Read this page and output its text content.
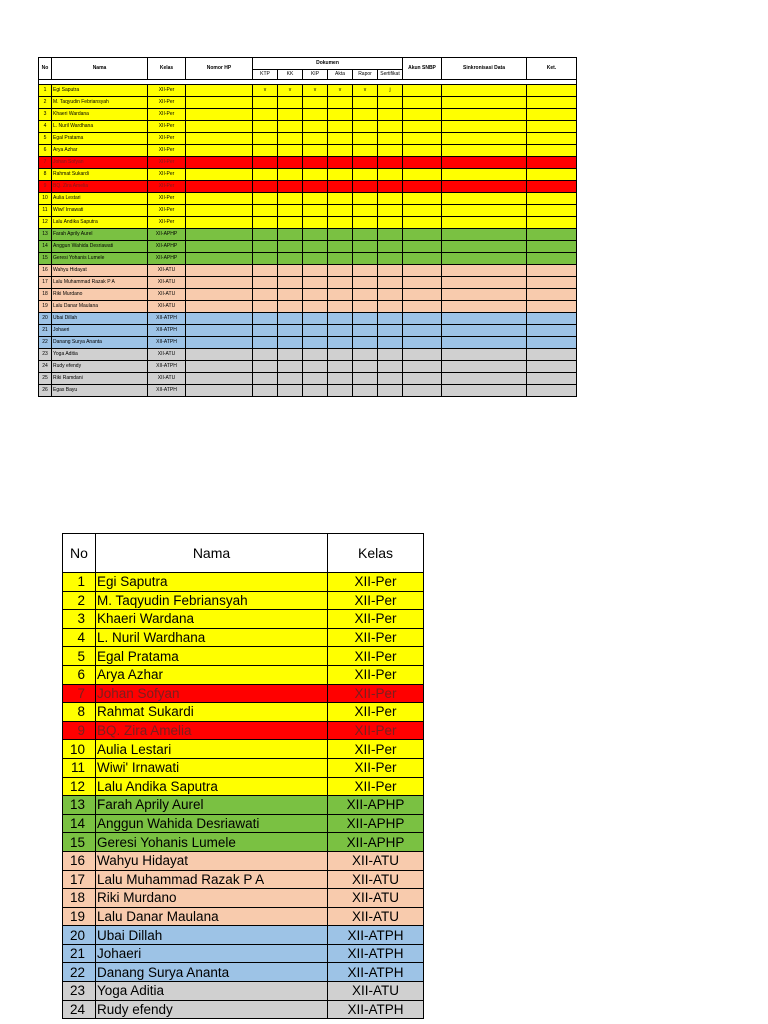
No	Nama	Kelas	Nomor HP	Dokumen						Akun SNBP	Sinkronisasi Data	Ket.
				KTP	KK	KIP	Akta	Rapor	Sertifikat			

1	Egi Saputra	XII-Per		v	v	v	v	v	j			
2	M. Taqyudin Febriansyah	XII-Per										
3	Khaeri Wardana	XII-Per										
4	L. Nuril Wardhana	XII-Per										
5	Egal Pratama	XII-Per										
6	Arya Azhar	XII-Per										
7	Johan Sofyan	XII-Per										
8	Rahmat Sukardi	XII-Per										
9	BQ. Zira Amelia	XII-Per										
10	Aulia Lestari	XII-Per										
11	Wiwi' Irnawati	XII-Per										
12	Lalu Andika Saputra	XII-Per										
13	Farah Aprily Aurel	XII-APHP										
14	Anggun Wahida Desriawati	XII-APHP										
15	Geresi Yohanis Lumele	XII-APHP										
16	Wahyu Hidayat	XII-ATU										
17	Lalu Muhammad Razak P A	XII-ATU										
18	Riki Murdano	XII-ATU										
19	Lalu Danar Maulana	XII-ATU										
20	Ubai Dillah	XII-ATPH										
21	Johaeri	XII-ATPH										
22	Danang Surya Ananta	XII-ATPH										
23	Yoga Aditia	XII-ATU										
24	Rudy efendy	XII-ATPH										
25	Riki Ramdani	XII-ATU										
26	Egas Bayu	XII-ATPH										
No	Nama	Kelas
1	Egi Saputra	XII-Per
2	M. Taqyudin Febriansyah	XII-Per
3	Khaeri Wardana	XII-Per
4	L. Nuril Wardhana	XII-Per
5	Egal Pratama	XII-Per
6	Arya Azhar	XII-Per
7	Johan Sofyan	XII-Per
8	Rahmat Sukardi	XII-Per
9	BQ. Zira Amelia	XII-Per
10	Aulia Lestari	XII-Per
11	Wiwi' Irnawati	XII-Per
12	Lalu Andika Saputra	XII-Per
13	Farah Aprily Aurel	XII-APHP
14	Anggun Wahida Desriawati	XII-APHP
15	Geresi Yohanis Lumele	XII-APHP
16	Wahyu Hidayat	XII-ATU
17	Lalu Muhammad Razak P A	XII-ATU
18	Riki Murdano	XII-ATU
19	Lalu Danar Maulana	XII-ATU
20	Ubai Dillah	XII-ATPH
21	Johaeri	XII-ATPH
22	Danang Surya Ananta	XII-ATPH
23	Yoga Aditia	XII-ATU
24	Rudy efendy	XII-ATPH
